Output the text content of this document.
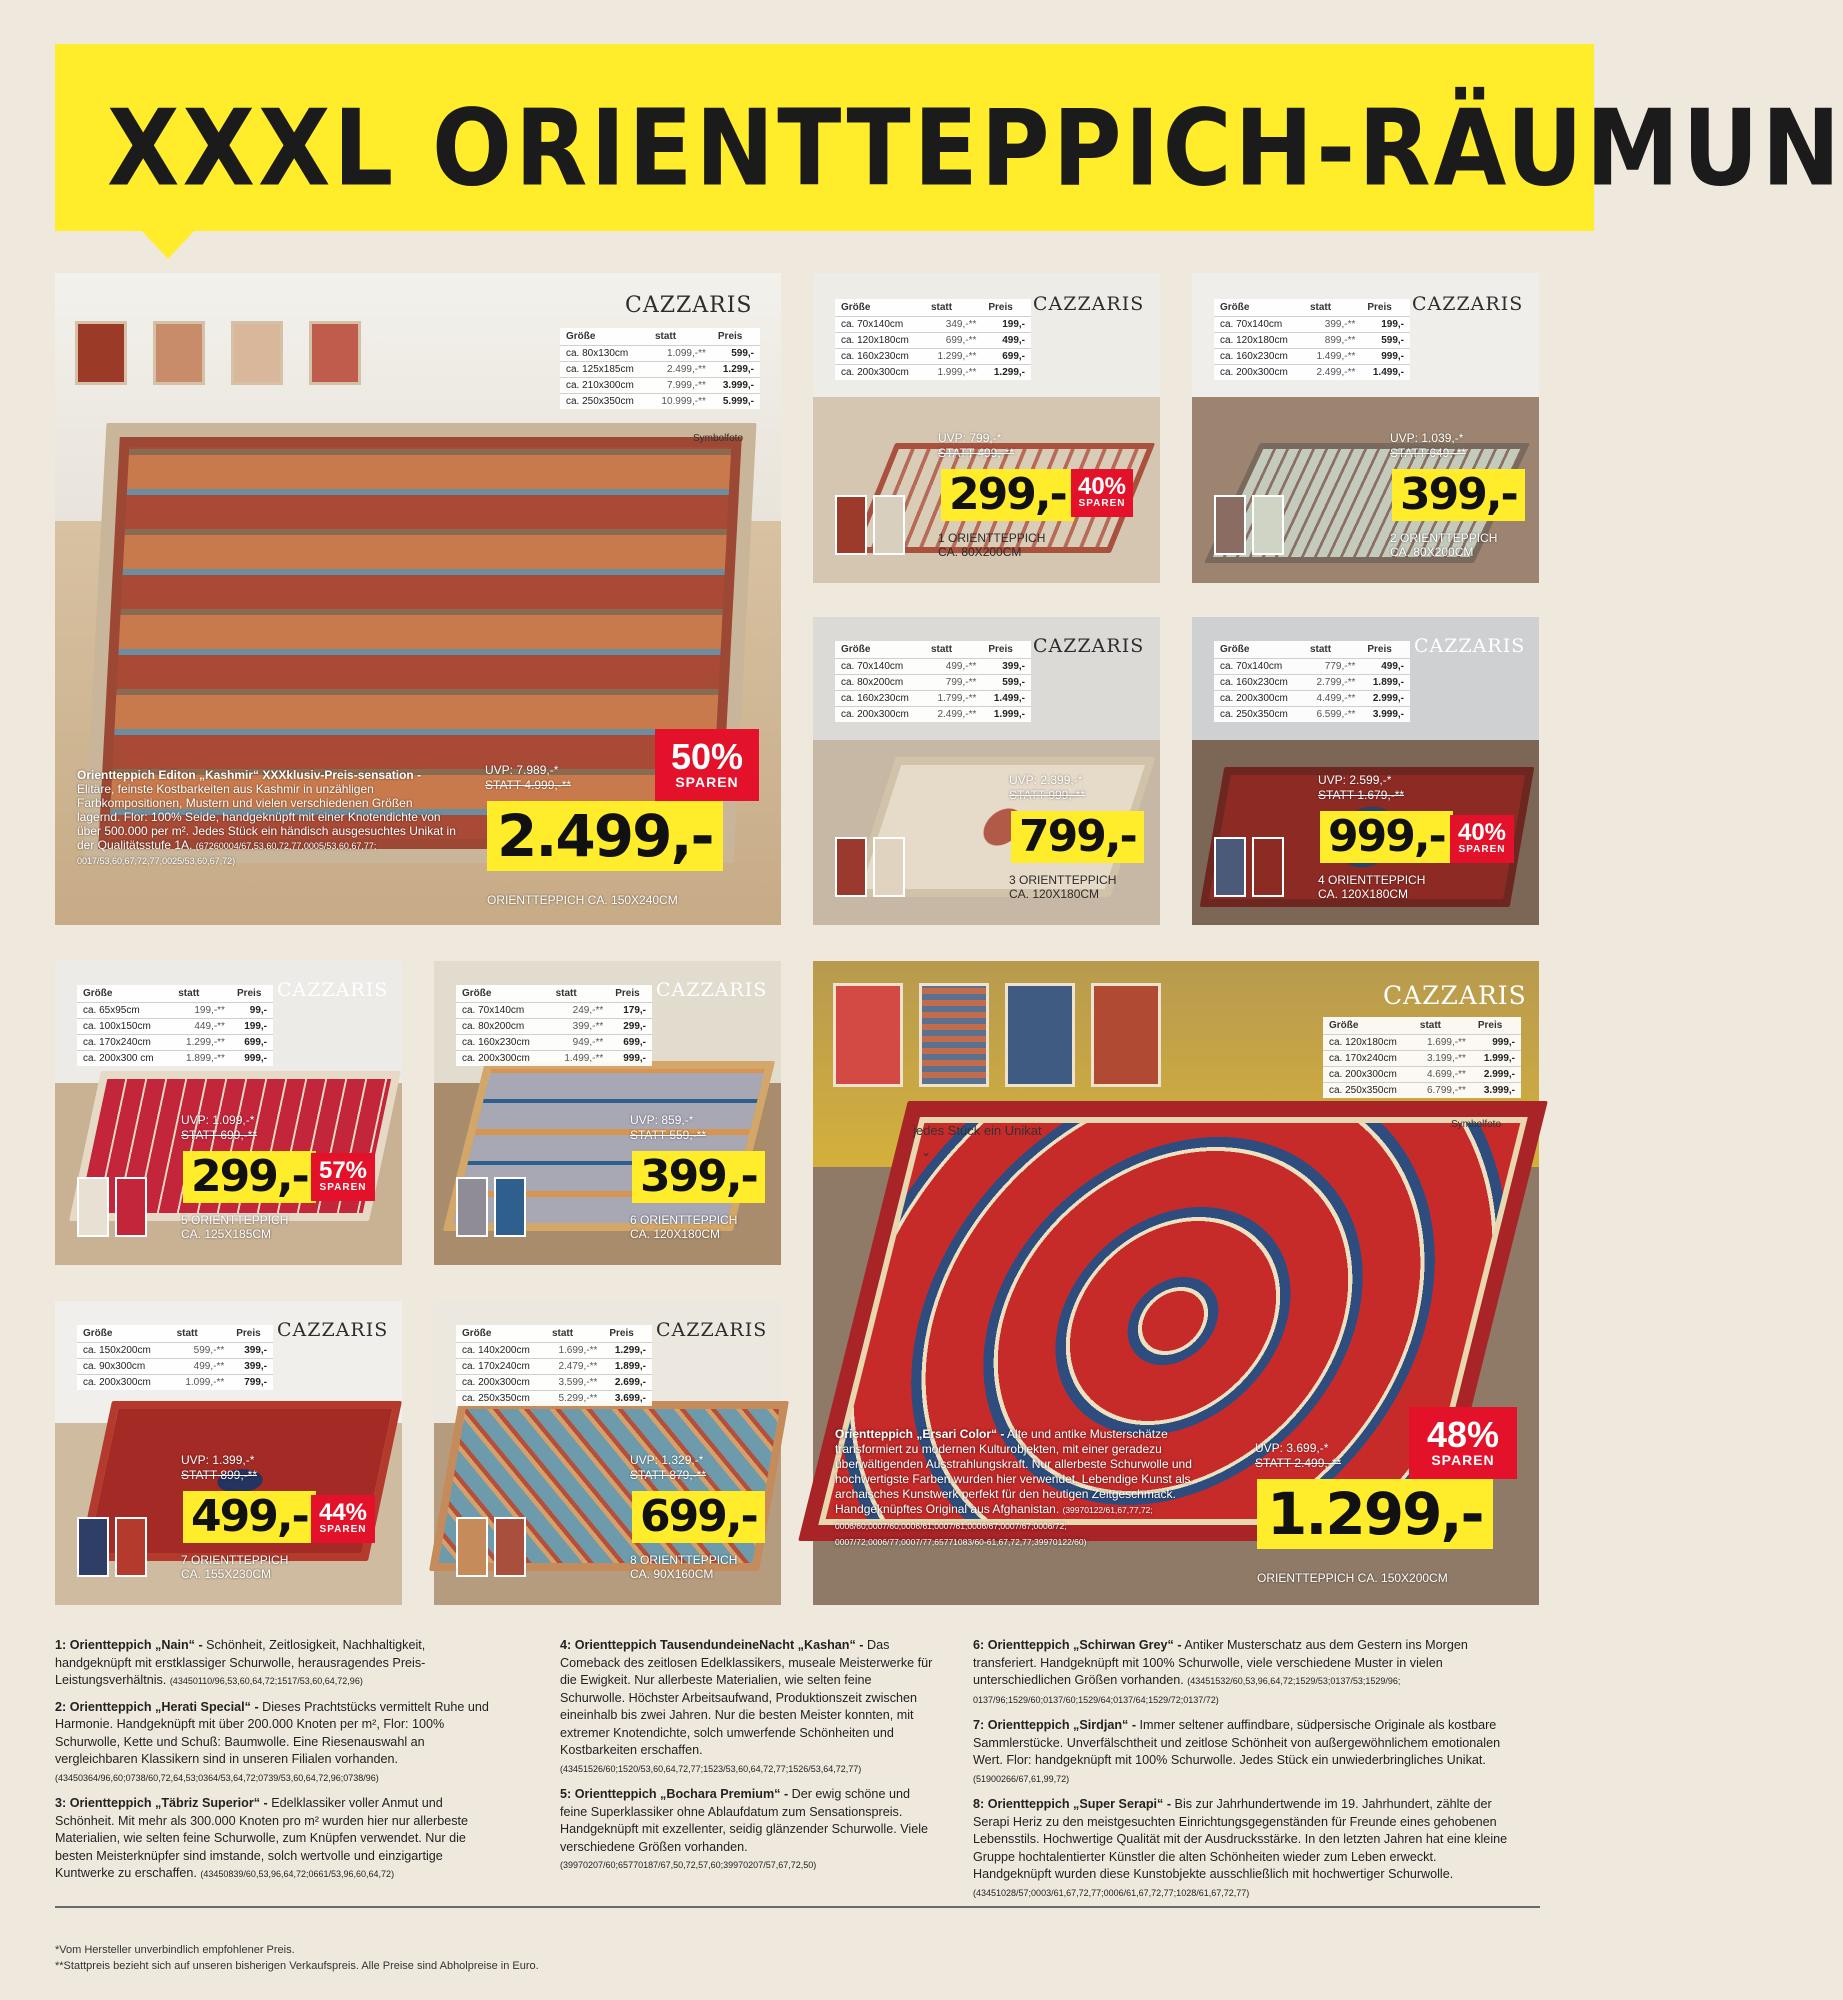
XXXL ORIENTTEPPICH-RÄUMUN
CAZZARIS
Größe	statt	Preis
ca. 80x130cm	1.099,-**	599,-
ca. 125x185cm	2.499,-**	1.299,-
ca. 210x300cm	7.999,-**	3.999,-
ca. 250x350cm	10.999,-**	5.999,-
Symbolfoto
Orientteppich Editon „Kashmir“ XXXklusiv-Preis-sensation - Elitäre, feinste Kostbarkeiten aus Kashmir in unzähligen Farbkompositionen, Mustern und vielen verschiedenen Größen lagernd. Flor: 100% Seide, handgeknüpft mit einer Knotendichte von über 500.000 per m². Jedes Stück ein händisch ausgesuchtes Unikat in der Qualitätsstufe 1A. (67260004/67,53,60,72,77,0005/53,60,67,77; 0017/53,60,67,72,77,0025/53,60,67,72)
UVP: 7.989,-*
STATT 4.999,-**
2.499,-
50%
SPAREN
ORIENTTEPPICH CA. 150X240CM
CAZZARIS
Größe	statt	Preis
ca. 70x140cm	349,-**	199,-
ca. 120x180cm	699,-**	499,-
ca. 160x230cm	1.299,-**	699,-
ca. 200x300cm	1.999,-**	1.299,-
UVP: 799,-*
STATT 499,-**
299,- 40%
SPAREN
1 ORIENTTEPPICH
CA. 80X200CM
CAZZARIS
Größe	statt	Preis
ca. 70x140cm	399,-**	199,-
ca. 120x180cm	899,-**	599,-
ca. 160x230cm	1.499,-**	999,-
ca. 200x300cm	2.499,-**	1.499,-
UVP: 1.039,-*
STATT 649,-**
399,-
2 ORIENTTEPPICH
CA. 80X200CM
CAZZARIS
Größe	statt	Preis
ca. 70x140cm	499,-**	399,-
ca. 80x200cm	799,-**	599,-
ca. 160x230cm	1.799,-**	1.499,-
ca. 200x300cm	2.499,-**	1.999,-
UVP: 2.399,-*
STATT 999,-**
799,-
3 ORIENTTEPPICH
CA. 120X180CM
CAZZARIS
Größe	statt	Preis
ca. 70x140cm	779,-**	499,-
ca. 160x230cm	2.799,-**	1.899,-
ca. 200x300cm	4.499,-**	2.999,-
ca. 250x350cm	6.599,-**	3.999,-
UVP: 2.599,-*
STATT 1.679,-**
999,- 40%
SPAREN
4 ORIENTTEPPICH
CA. 120X180CM
CAZZARIS
Größe	statt	Preis
ca. 65x95cm	199,-**	99,-
ca. 100x150cm	449,-**	199,-
ca. 170x240cm	1.299,-**	699,-
ca. 200x300 cm	1.899,-**	999,-
UVP: 1.099,-*
STATT 699,-**
299,- 57%
SPAREN
5 ORIENTTEPPICH
CA. 125X185CM
CAZZARIS
Größe	statt	Preis
ca. 70x140cm	249,-**	179,-
ca. 80x200cm	399,-**	299,-
ca. 160x230cm	949,-**	699,-
ca. 200x300cm	1.499,-**	999,-
UVP: 859,-*
STATT 559,-**
399,-
6 ORIENTTEPPICH
CA. 120X180CM
CAZZARIS
Größe	statt	Preis
ca. 150x200cm	599,-**	399,-
ca. 90x300cm	499,-**	399,-
ca. 200x300cm	1.099,-**	799,-
UVP: 1.399,-*
STATT 899,-**
499,- 44%
SPAREN
7 ORIENTTEPPICH
CA. 155X230CM
CAZZARIS
Größe	statt	Preis
ca. 140x200cm	1.699,-**	1.299,-
ca. 170x240cm	2.479,-**	1.899,-
ca. 200x300cm	3.599,-**	2.699,-
ca. 250x350cm	5.299,-**	3.699,-
UVP: 1.329,-*
STATT 879,-**
699,-
8 ORIENTTEPPICH
CA. 90X160CM
CAZZARIS
Größe	statt	Preis
ca. 120x180cm	1.699,-**	999,-
ca. 170x240cm	3.199,-**	1.999,-
ca. 200x300cm	4.699,-**	2.999,-
ca. 250x350cm	6.799,-**	3.999,-
Symbolfoto
jedes Stück ein Unikat
⌄
Orientteppich „Ersari Color“ - Alte und antike Musterschätze transformiert zu modernen Kulturobjekten, mit einer geradezu überwältigenden Ausstrahlungskraft. Nur allerbeste Schurwolle und hochwertigste Farben wurden hier verwendet. Lebendige Kunst als archaisches Kunstwerk perfekt für den heutigen Zeitgeschmack. Handgeknüpftes Original aus Afghanistan. (39970122/61,67,77,72; 0006/60;0007/60;0006/61;0007/61;0006/67;0007/67;0006/72; 0007/72;0006/77;0007/77;65771083/60-61,67,72,77;39970122/60)
UVP: 3.699,-*
STATT 2.499,-**
1.299,-
48%
SPAREN
ORIENTTEPPICH CA. 150X200CM

1: Orientteppich „Nain“ - Schönheit, Zeitlosigkeit, Nachhaltigkeit, handgeknüpft mit erstklassiger Schurwolle, herausragendes Preis-Leistungsverhältnis. (43450110/96,53,60,64,72;1517/53,60,64,72,96)

2: Orientteppich „Herati Special“ - Dieses Prachtstücks vermittelt Ruhe und Harmonie. Handgeknüpft mit über 200.000 Knoten per m², Flor: 100% Schurwolle, Kette und Schuß: Baumwolle. Eine Riesenauswahl an vergleichbaren Klassikern sind in unseren Filialen vorhanden. (43450364/96,60;0738/60,72,64,53;0364/53,64,72;0739/53,60,64,72,96;0738/96)

3: Orientteppich „Täbriz Superior“ - Edelklassiker voller Anmut und Schönheit. Mit mehr als 300.000 Knoten pro m² wurden hier nur allerbeste Materialien, wie selten feine Schurwolle, zum Knüpfen verwendet. Nur die besten Meisterknüpfer sind imstande, solch wertvolle und einzigartige Kuntwerke zu erschaffen. (43450839/60,53,96,64,72;0661/53,96,60,64,72)

4: Orientteppich TausendundeineNacht „Kashan“ - Das Comeback des zeitlosen Edelklassikers, museale Meisterwerke für die Ewigkeit. Nur allerbeste Materialien, wie selten feine Schurwolle. Höchster Arbeitsaufwand, Produktionszeit zwischen eineinhalb bis zwei Jahren. Nur die besten Meister konnten, mit extremer Knotendichte, solch umwerfende Schönheiten und Kostbarkeiten erschaffen. (43451526/60;1520/53,60,64,72,77;1523/53,60,64,72,77;1526/53,64,72,77)

5: Orientteppich „Bochara Premium“ - Der ewig schöne und feine Superklassiker ohne Ablaufdatum zum Sensationspreis. Handgeknüpft mit exzellenter, seidig glänzender Schurwolle. Viele verschiedene Größen vorhanden. (39970207/60;65770187/67,50,72,57,60;39970207/57,67,72,50)

6: Orientteppich „Schirwan Grey“ - Antiker Musterschatz aus dem Gestern ins Morgen transferiert. Handgeknüpft mit 100% Schurwolle, viele verschiedene Muster in vielen unterschiedlichen Größen vorhanden. (43451532/60,53,96,64,72;1529/53;0137/53;1529/96; 0137/96;1529/60;0137/60;1529/64;0137/64;1529/72;0137/72)

7: Orientteppich „Sirdjan“ - Immer seltener auffindbare, südpersische Originale als kostbare Sammlerstücke. Unverfälschtheit und zeitlose Schönheit von außergewöhnlichem emotionalen Wert. Flor: handgeknüpft mit 100% Schurwolle. Jedes Stück ein unwiederbringliches Unikat. (51900266/67,61,99,72)

8: Orientteppich „Super Serapi“ - Bis zur Jahrhundertwende im 19. Jahrhundert, zählte der Serapi Heriz zu den meistgesuchten Einrichtungsgegenständen für Freunde eines gehobenen Lebensstils. Hochwertige Qualität mit der Ausdrucksstärke. In den letzten Jahren hat eine kleine Gruppe hochtalentierter Künstler die alten Schönheiten wieder zum Leben erweckt. Handgeknüpft wurden diese Kunstobjekte ausschließlich mit hochwertiger Schurwolle. (43451028/57;0003/61,67,72,77;0006/61,67,72,77;1028/61,67,72,77)

*Vom Hersteller unverbindlich empfohlener Preis.
**Stattpreis bezieht sich auf unseren bisherigen Verkaufspreis. Alle Preise sind Abholpreise in Euro.
